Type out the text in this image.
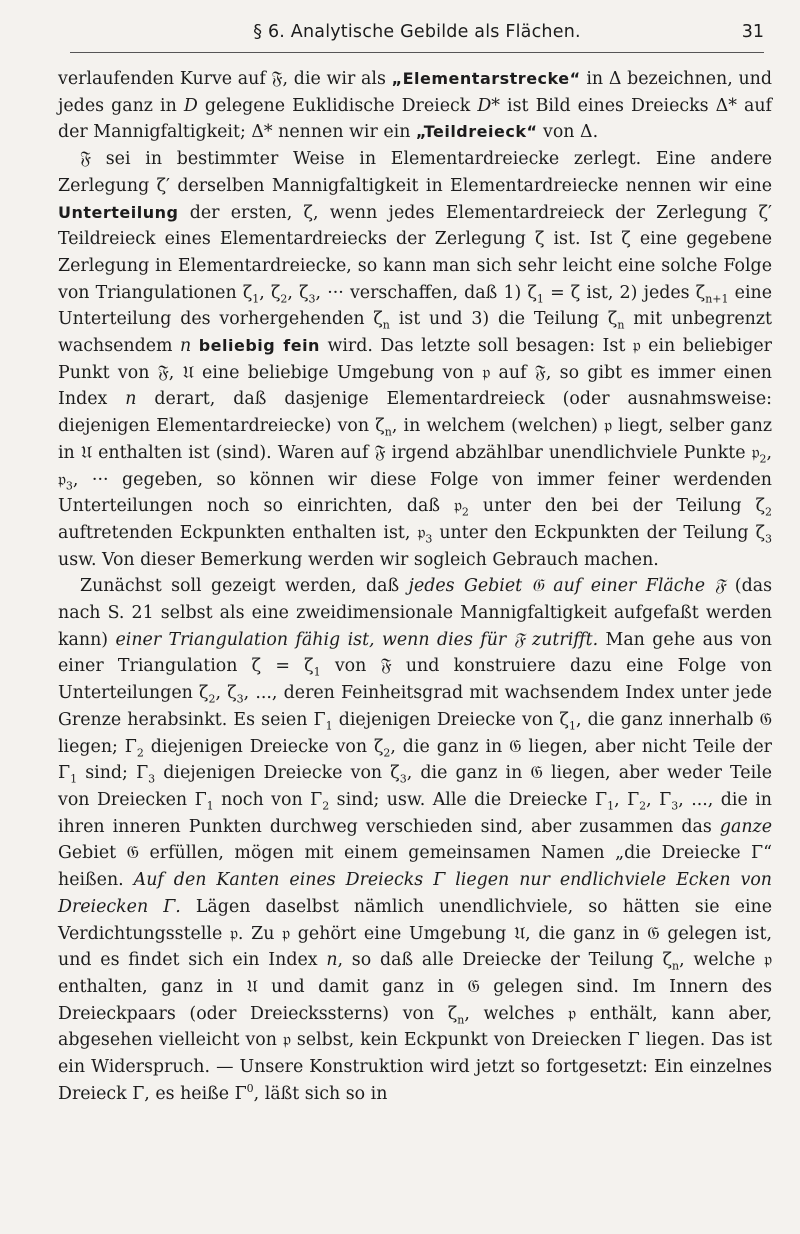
§ 6. Analytische Gebilde als Flächen.	31

verlaufenden Kurve auf 𝔉, die wir als „Elementarstrecke“ in Δ bezeichnen, und jedes ganz in D gelegene Euklidische Dreieck D* ist Bild eines Dreiecks Δ* auf der Mannigfaltigkeit; Δ* nennen wir ein „Teildreieck“ von Δ.

𝔉 sei in bestimmter Weise in Elementardreiecke zerlegt. Eine andere Zerlegung ζ′ derselben Mannigfaltigkeit in Elementardreiecke nennen wir eine Unterteilung der ersten, ζ, wenn jedes Elementardreieck der Zerlegung ζ′ Teildreieck eines Elementardreiecks der Zerlegung ζ ist. Ist ζ eine gegebene Zerlegung in Elementardreiecke, so kann man sich sehr leicht eine solche Folge von Triangulationen $\zeta_1$, $\zeta_2$, $\zeta_3$, ··· verschaffen, daß 1) $\zeta_1 = \zeta$ ist, 2) jedes $\zeta_{n+1}$ eine Unterteilung des vorhergehenden $\zeta_n$ ist und 3) die Teilung $\zeta_n$ mit unbegrenzt wachsendem n beliebig fein wird. Das letzte soll besagen: Ist 𝔭 ein beliebiger Punkt von 𝔉, 𝔘 eine beliebige Umgebung von 𝔭 auf 𝔉, so gibt es immer einen Index n derart, daß dasjenige Elementardreieck (oder ausnahmsweise: diejenigen Elementardreiecke) von $\zeta_n$, in welchem (welchen) 𝔭 liegt, selber ganz in 𝔘 enthalten ist (sind). Waren auf 𝔉 irgend abzählbar unendlichviele Punkte 𝔭$_2$, 𝔭$_3$, ··· gegeben, so können wir diese Folge von immer feiner werdenden Unterteilungen noch so einrichten, daß 𝔭$_2$ unter den bei der Teilung $\zeta_2$ auftretenden Eckpunkten enthalten ist, 𝔭$_3$ unter den Eckpunkten der Teilung $\zeta_3$ usw. Von dieser Bemerkung werden wir sogleich Gebrauch machen.

Zunächst soll gezeigt werden, daß jedes Gebiet 𝔊 auf einer Fläche 𝔉 (das nach S. 21 selbst als eine zweidimensionale Mannigfaltigkeit aufgefaßt werden kann) einer Triangulation fähig ist, wenn dies für 𝔉 zutrifft. Man gehe aus von einer Triangulation $\zeta = \zeta_1$ von 𝔉 und konstruiere dazu eine Folge von Unterteilungen $\zeta_2$, $\zeta_3$, ..., deren Feinheitsgrad mit wachsendem Index unter jede Grenze herabsinkt. Es seien $\Gamma_1$ diejenigen Dreiecke von $\zeta_1$, die ganz innerhalb 𝔊 liegen; $\Gamma_2$ diejenigen Dreiecke von $\zeta_2$, die ganz in 𝔊 liegen, aber nicht Teile der $\Gamma_1$ sind; $\Gamma_3$ diejenigen Dreiecke von $\zeta_3$, die ganz in 𝔊 liegen, aber weder Teile von Dreiecken $\Gamma_1$ noch von $\Gamma_2$ sind; usw. Alle die Dreiecke $\Gamma_1$, $\Gamma_2$, $\Gamma_3$, ..., die in ihren inneren Punkten durchweg verschieden sind, aber zusammen das ganze Gebiet 𝔊 erfüllen, mögen mit einem gemeinsamen Namen „die Dreiecke Γ“ heißen. Auf den Kanten eines Dreiecks Γ liegen nur endlichviele Ecken von Dreiecken Γ. Lägen daselbst nämlich unendlichviele, so hätten sie eine Verdichtungsstelle 𝔭. Zu 𝔭 gehört eine Umgebung 𝔘, die ganz in 𝔊 gelegen ist, und es findet sich ein Index n, so daß alle Dreiecke der Teilung $\zeta_n$, welche 𝔭 enthalten, ganz in 𝔘 und damit ganz in 𝔊 gelegen sind. Im Innern des Dreieckpaars (oder Dreieckssterns) von $\zeta_n$, welches 𝔭 enthält, kann aber, abgesehen vielleicht von 𝔭 selbst, kein Eckpunkt von Dreiecken Γ liegen. Das ist ein Widerspruch. — Unsere Konstruktion wird jetzt so fortgesetzt: Ein einzelnes Dreieck Γ, es heiße $\Gamma^0$, läßt sich so in
